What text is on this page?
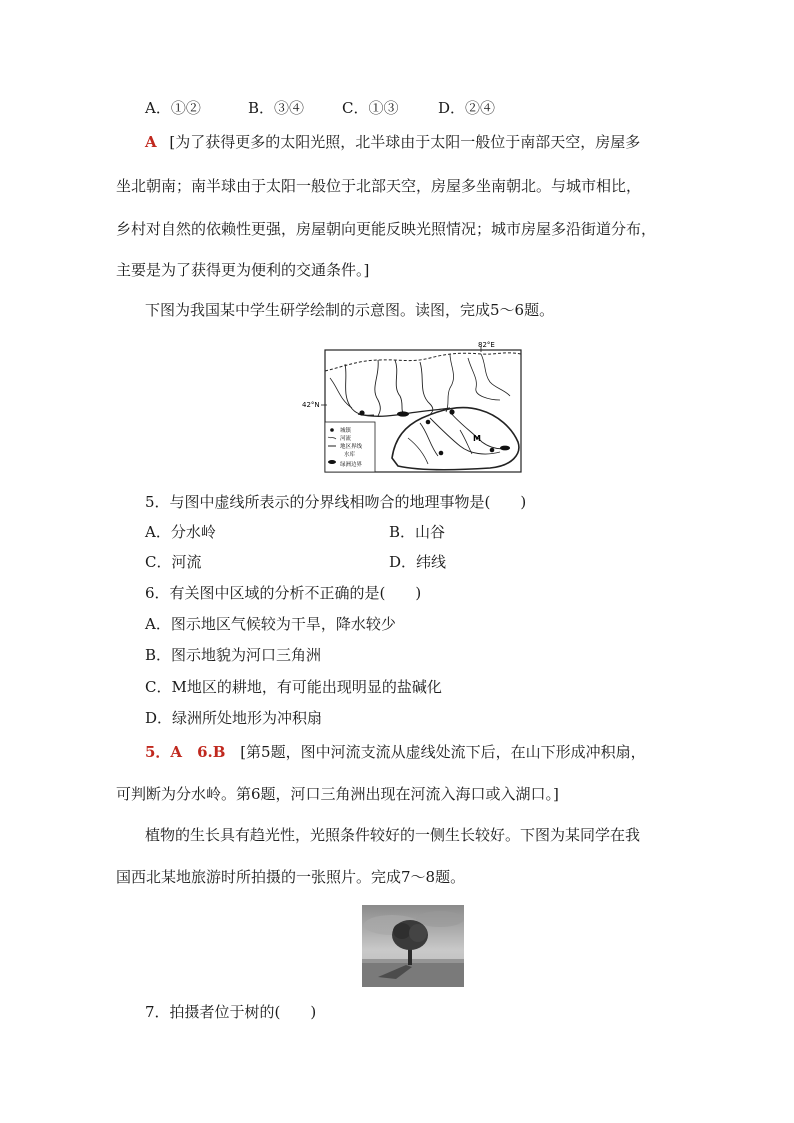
A．①②	B．③④	C．①③	D．②④
A [为了获得更多的太阳光照，北半球由于太阳一般位于南部天空，房屋多
坐北朝南；南半球由于太阳一般位于北部天空，房屋多坐南朝北。与城市相比，
乡村对自然的依赖性更强，房屋朝向更能反映光照情况；城市房屋多沿街道分布，
主要是为了获得更为便利的交通条件。]
下图为我国某中学生研学绘制的示意图。读图，完成5～6题。
82°E
42°N
M
城镇
河流
地区界线
水库
绿洲边界
5．与图中虚线所表示的分界线相吻合的地理事物是(　　)
A．分水岭	B．山谷
C．河流	D．纬线
6．有关图中区域的分析不正确的是(　　)
A．图示地区气候较为干旱，降水较少
B．图示地貌为河口三角洲
C．M地区的耕地，有可能出现明显的盐碱化
D．绿洲所处地形为冲积扇
5．A　6.B [第5题，图中河流支流从虚线处流下后，在山下形成冲积扇，
可判断为分水岭。第6题，河口三角洲出现在河流入海口或入湖口。]
植物的生长具有趋光性，光照条件较好的一侧生长较好。下图为某同学在我
国西北某地旅游时所拍摄的一张照片。完成7～8题。
7．拍摄者位于树的(　　)
